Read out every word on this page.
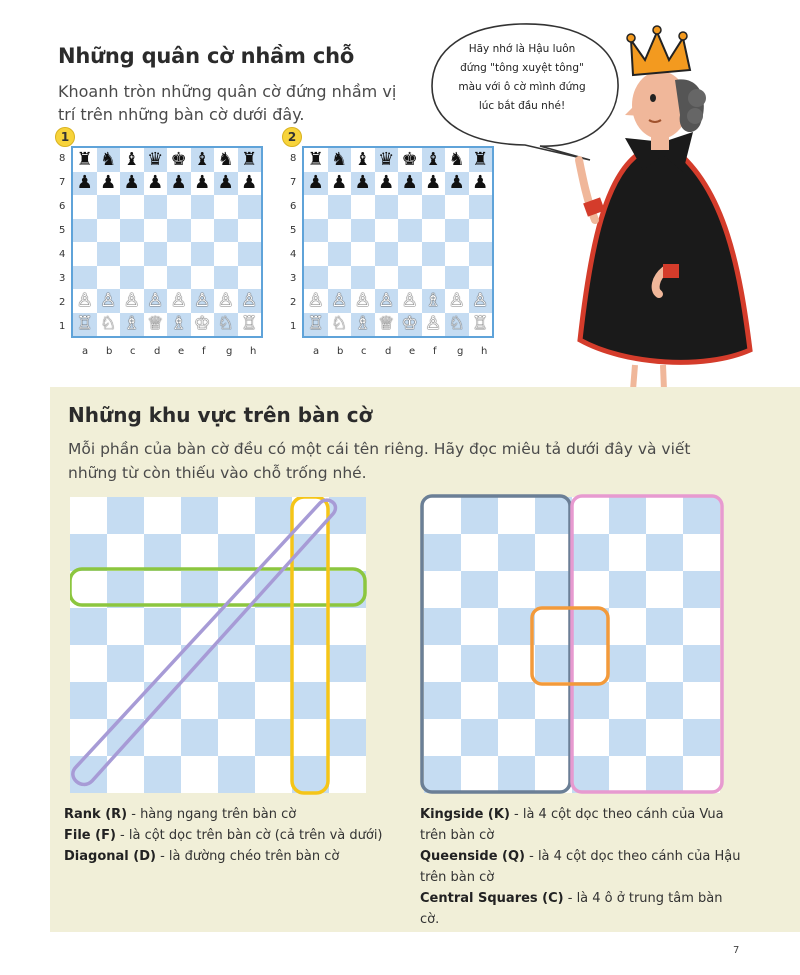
Những quân cờ nhầm chỗ
Khoanh tròn những quân cờ đứng nhầm vị trí trên những bàn cờ dưới đây.
1
♜ ♞ ♝ ♛ ♚ ♝ ♞ ♜
♟ ♟ ♟ ♟ ♟ ♟ ♟ ♟
♙ ♙ ♙ ♙ ♙ ♙ ♙ ♙
♖ ♘ ♗ ♕ ♗ ♔ ♘ ♖
8
7
6
5
4
3
2
1
a b c d e f g h
2
♜ ♞ ♝ ♛ ♚ ♝ ♞ ♜
♟ ♟ ♟ ♟ ♟ ♟ ♟ ♟
♙ ♙ ♙ ♙ ♙ ♗ ♙ ♙
♖ ♘ ♗ ♕ ♔ ♙ ♘ ♖
8
7
6
5
4
3
2
1
a b c d e f g h
Hãy nhớ là Hậu luôn
đứng "tông xuyệt tông"
màu với ô cờ mình đứng
lúc bắt đầu nhé!
Những khu vực trên bàn cờ
Mỗi phần của bàn cờ đều có một cái tên riêng. Hãy đọc miêu tả dưới đây và viết những từ còn thiếu vào chỗ trống nhé.
Rank (R) - hàng ngang trên bàn cờ
File (F) - là cột dọc trên bàn cờ (cả trên và dưới)
Diagonal (D) - là đường chéo trên bàn cờ
Kingside (K) - là 4 cột dọc theo cánh của Vua trên bàn cờ
Queenside (Q) - là 4 cột dọc theo cánh của Hậu trên bàn cờ
Central Squares (C) - là 4 ô ở trung tâm bàn cờ.
7
